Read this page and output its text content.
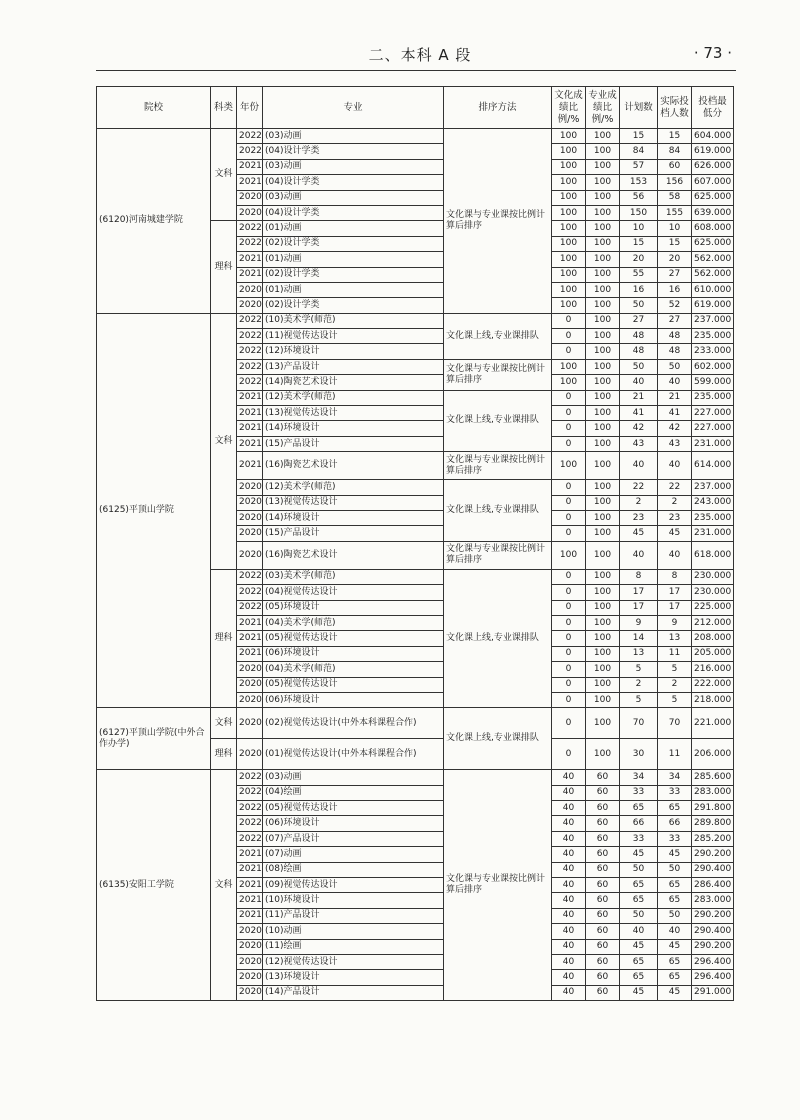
二、本科 A 段	· 73 ·
院校	科类	年份	专业	排序方法	文化成绩比例/%	专业成绩比例/%	计划数	实际投档人数	投档最低分
(6120)河南城建学院	文科	2022	(03)动画	文化课与专业课按比例计算后排序	100	100	15	15	604.000
		2022	(04)设计学类		100	100	84	84	619.000
		2021	(03)动画		100	100	57	60	626.000
		2021	(04)设计学类		100	100	153	156	607.000
		2020	(03)动画		100	100	56	58	625.000
		2020	(04)设计学类		100	100	150	155	639.000
	理科	2022	(01)动画		100	100	10	10	608.000
		2022	(02)设计学类		100	100	15	15	625.000
		2021	(01)动画		100	100	20	20	562.000
		2021	(02)设计学类		100	100	55	27	562.000
		2020	(01)动画		100	100	16	16	610.000
		2020	(02)设计学类		100	100	50	52	619.000
(6125)平顶山学院	文科	2022	(10)美术学(师范)	文化课上线,专业课排队	0	100	27	27	237.000
		2022	(11)视觉传达设计		0	100	48	48	235.000
		2022	(12)环境设计		0	100	48	48	233.000
		2022	(13)产品设计	文化课与专业课按比例计算后排序	100	100	50	50	602.000
		2022	(14)陶瓷艺术设计		100	100	40	40	599.000
		2021	(12)美术学(师范)	文化课上线,专业课排队	0	100	21	21	235.000
		2021	(13)视觉传达设计		0	100	41	41	227.000
		2021	(14)环境设计		0	100	42	42	227.000
		2021	(15)产品设计		0	100	43	43	231.000
		2021	(16)陶瓷艺术设计	文化课与专业课按比例计算后排序	100	100	40	40	614.000
		2020	(12)美术学(师范)	文化课上线,专业课排队	0	100	22	22	237.000
		2020	(13)视觉传达设计		0	100	2	2	243.000
		2020	(14)环境设计		0	100	23	23	235.000
		2020	(15)产品设计		0	100	45	45	231.000
		2020	(16)陶瓷艺术设计	文化课与专业课按比例计算后排序	100	100	40	40	618.000
	理科	2022	(03)美术学(师范)	文化课上线,专业课排队	0	100	8	8	230.000
		2022	(04)视觉传达设计		0	100	17	17	230.000
		2022	(05)环境设计		0	100	17	17	225.000
		2021	(04)美术学(师范)		0	100	9	9	212.000
		2021	(05)视觉传达设计		0	100	14	13	208.000
		2021	(06)环境设计		0	100	13	11	205.000
		2020	(04)美术学(师范)		0	100	5	5	216.000
		2020	(05)视觉传达设计		0	100	2	2	222.000
		2020	(06)环境设计		0	100	5	5	218.000
(6127)平顶山学院(中外合作办学)	文科	2020	(02)视觉传达设计(中外本科课程合作)	文化课上线,专业课排队	0	100	70	70	221.000
	理科	2020	(01)视觉传达设计(中外本科课程合作)		0	100	30	11	206.000
(6135)安阳工学院	文科	2022	(03)动画	文化课与专业课按比例计算后排序	40	60	34	34	285.600
		2022	(04)绘画		40	60	33	33	283.000
		2022	(05)视觉传达设计		40	60	65	65	291.800
		2022	(06)环境设计		40	60	66	66	289.800
		2022	(07)产品设计		40	60	33	33	285.200
		2021	(07)动画		40	60	45	45	290.200
		2021	(08)绘画		40	60	50	50	290.400
		2021	(09)视觉传达设计		40	60	65	65	286.400
		2021	(10)环境设计		40	60	65	65	283.000
		2021	(11)产品设计		40	60	50	50	290.200
		2020	(10)动画		40	60	40	40	290.400
		2020	(11)绘画		40	60	45	45	290.200
		2020	(12)视觉传达设计		40	60	65	65	296.400
		2020	(13)环境设计		40	60	65	65	296.400
		2020	(14)产品设计		40	60	45	45	291.000
